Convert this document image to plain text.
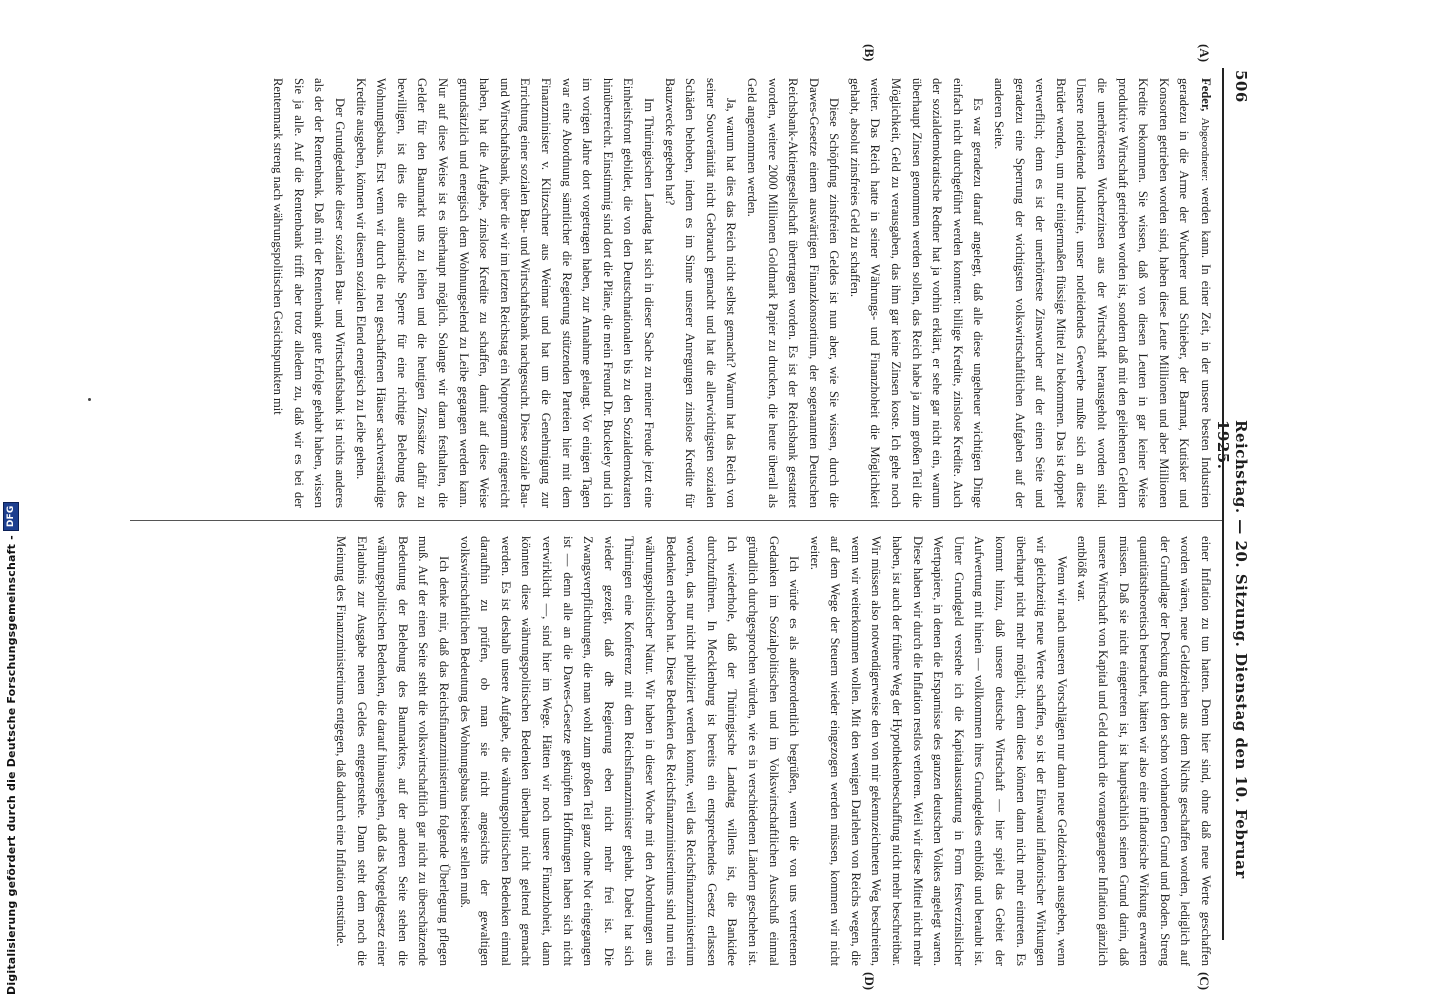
Digitalisierung gefördert durch die Deutsche Forschungsgemeinschaft -
DFG
506
Reichstag. — 20. Sitzung. Dienstag den 10. Februar 1925.
(A)
(B)
(C)
(D)

Feder, Abgeordneter: werden kann. In einer Zeit, in der unsere besten Industrien geradezu in die Arme der Wucherer und Schieber, der Barmat, Kutisker und Konsorten getrieben worden sind, haben diese Leute Millionen und aber Millionen Kredite bekommen. Sie wissen, daß von diesen Leuten in gar keiner Weise produktive Wirtschaft getrieben worden ist, sondern daß mit den geliehenen Geldern die unerhörtesten Wucherzinsen aus der Wirtschaft herausgeholt worden sind. Unsere notleidende Industrie, unser notleidendes Gewerbe mußte sich an diese Brüder wenden, um nur einigermaßen flüssige Mittel zu bekommen. Das ist doppelt verwerflich; denn es ist der unerhörteste Zinswucher auf der einen Seite und geradezu eine Sperrung der wichtigsten volkswirtschaftlichen Aufgaben auf der anderen Seite.

Es war geradezu darauf angelegt, daß alle diese ungeheuer wichtigen Dinge einfach nicht durchgeführt werden konnten: billige Kredite, zinslose Kredite. Auch der sozialdemokratische Redner hat ja vorhin erklärt, er sehe gar nicht ein, warum überhaupt Zinsen genommen werden sollen, das Reich habe ja zum großen Teil die Möglichkeit, Geld zu verausgaben, das ihm gar keine Zinsen koste. Ich gehe noch weiter. Das Reich hatte in seiner Währungs- und Finanzhoheit die Möglichkeit gehabt, absolut zinsfreies Geld zu schaffen.

Diese Schöpfung zinsfreien Geldes ist nun aber, wie Sie wissen, durch die Dawes-Gesetze einem auswärtigen Finanzkonsortium, der sogenannten Deutschen Reichsbank-Aktiengesellschaft übertragen worden. Es ist der Reichsbank gestattet worden, weitere 2000 Millionen Goldmark Papier zu drucken, die heute überall als Geld angenommen werden.

Ja, warum hat dies das Reich nicht selbst gemacht? Warum hat das Reich von seiner Souveränität nicht Gebrauch gemacht und hat die allerwichtigsten sozialen Schäden behoben, indem es im Sinne unserer Anregungen zinslose Kredite für Bauzwecke gegeben hat?

Im Thüringischen Landtag hat sich in dieser Sache zu meiner Freude jetzt eine Einheitsfront gebildet, die von den Deutschnationalen bis zu den Sozialdemokraten hinüberreicht. Einstimmig sind dort die Pläne, die mein Freund Dr. Buckeley und ich im vorigen Jahre dort vorgetragen haben, zur Annahme gelangt. Vor einigen Tagen war eine Abordnung sämtlicher die Regierung stützenden Parteien hier mit dem Finanzminister v. Klitzschner aus Weimar und hat um die Genehmigung zur Errichtung einer sozialen Bau- und Wirtschaftsbank nachgesucht. Diese soziale Bau- und Wirtschaftsbank, über die wir im letzten Reichstag ein Notprogramm eingereicht haben, hat die Aufgabe, zinslose Kredite zu schaffen, damit auf diese Weise grundsätzlich und energisch dem Wohnungselend zu Leibe gegangen werden kann. Nur auf diese Weise ist es überhaupt möglich. Solange wir daran festhalten, die Gelder für den Baumarkt uns zu leihen und die heutigen Zinssätze dafür zu bewilligen, ist dies die automatische Sperre für eine richtige Belebung des Wohnungsbaus. Erst wenn wir durch die neu geschaffenen Häuser sachverständige Kredite ausgeben, können wir diesem sozialen Elend energisch zu Leibe gehen.

Der Grundgedanke dieser sozialen Bau- und Wirtschaftsbank ist nichts anderes als der der Rentenbank. Daß mit der Rentenbank gute Erfolge gehabt haben, wissen Sie ja alle. Auf die Rentenbank trifft aber trotz alledem zu, daß wir es bei der Rentenmark streng nach währungspolitischen Gesichtspunkten mit

einer Inflation zu tun hatten. Denn hier sind, ohne daß neue Werte geschaffen worden wären, neue Geldzeichen aus dem Nichts geschaffen worden, lediglich auf der Grundlage der Deckung durch den schon vorhandenen Grund und Boden. Streng quantitätstheoretisch betrachtet, hätten wir also eine inflatorische Wirkung erwarten müssen. Daß sie nicht eingetreten ist, ist hauptsächlich seinen Grund darin, daß unsere Wirtschaft von Kapital und Geld durch die vorangegangene Inflation gänzlich entblößt war.

Wenn wir nach unseren Vorschlägen nur dann neue Geldzeichen ausgeben, wenn wir gleichzeitig neue Werte schaffen, so ist der Einwand inflatorischer Wirkungen überhaupt nicht mehr möglich; denn diese können dann nicht mehr eintreten. Es kommt hinzu, daß unsere deutsche Wirtschaft — hier spielt das Gebiet der Aufwertung mit hinein — vollkommen ihres Grundgeldes entblößt und beraubt ist. Unter Grundgeld verstehe ich die Kapitalausstattung in Form festverzinslicher Wertpapiere, in denen die Ersparnisse des ganzen deutschen Volkes angelegt waren. Diese haben wir durch die Inflation restlos verloren. Weil wir diese Mittel nicht mehr haben, ist auch der frühere Weg der Hypothekenbeschaffung nicht mehr beschreitbar. Wir müssen also notwendigerweise den von mir gekennzeichneten Weg beschreiten, wenn wir weiterkommen wollen. Mit den wenigen Darlehen von Reichs wegen, die auf dem Wege der Steuern wieder eingezogen werden müssen, kommen wir nicht weiter.

Ich würde es als außerordentlich begrüßen, wenn die von uns vertretenen Gedanken im Sozialpolitischen und im Volkswirtschaftlichen Ausschuß einmal gründlich durchgesprochen würden, wie es in verschiedenen Ländern geschehen ist. Ich wiederhole, daß der Thüringische Landtag willens ist, die Bankidee durchzuführen. In Mecklenburg ist bereits ein entsprechendes Gesetz erlassen worden, das nur nicht publiziert werden konnte, weil das Reichsfinanzministerium Bedenken erhoben hat. Diese Bedenken des Reichsfinanzministeriums sind nun rein währungspolitischer Natur. Wir haben in dieser Woche mit den Abordnungen aus Thüringen eine Konferenz mit dem Reichsfinanzminister gehabt. Dabei hat sich wieder gezeigt, daß die Regierung eben nicht mehr frei ist. Die Zwangsverpflichtungen, die man wohl zum großen Teil ganz ohne Not eingegangen ist — denn alle an die Dawes-Gesetze geknüpften Hoffnungen haben sich nicht verwirklicht —, sind hier im Wege. Hätten wir noch unsere Finanzhoheit, dann könnten diese währungspolitischen Bedenken überhaupt nicht geltend gemacht werden. Es ist deshalb unsere Aufgabe, die währungspolitischen Bedenken einmal daraufhin zu prüfen, ob man sie nicht angesichts der gewaltigen volkswirtschaftlichen Bedeutung des Wohnungsbaus beiseite stellen muß.

Ich denke mir, daß das Reichsfinanzministerium folgende Überlegung pflegen muß. Auf der einen Seite steht die volkswirtschaftlich gar nicht zu überschätzende Bedeutung der Belebung des Baumarktes, auf der anderen Seite stehen die währungspolitischen Bedenken, die darauf hinausgehen, daß das Notgeldgesetz einer Erlaubnis zur Ausgabe neuen Geldes entgegenstehe. Dann steht dem noch die Meinung des Finanzministeriums entgegen, daß dadurch eine Inflation entstünde.
